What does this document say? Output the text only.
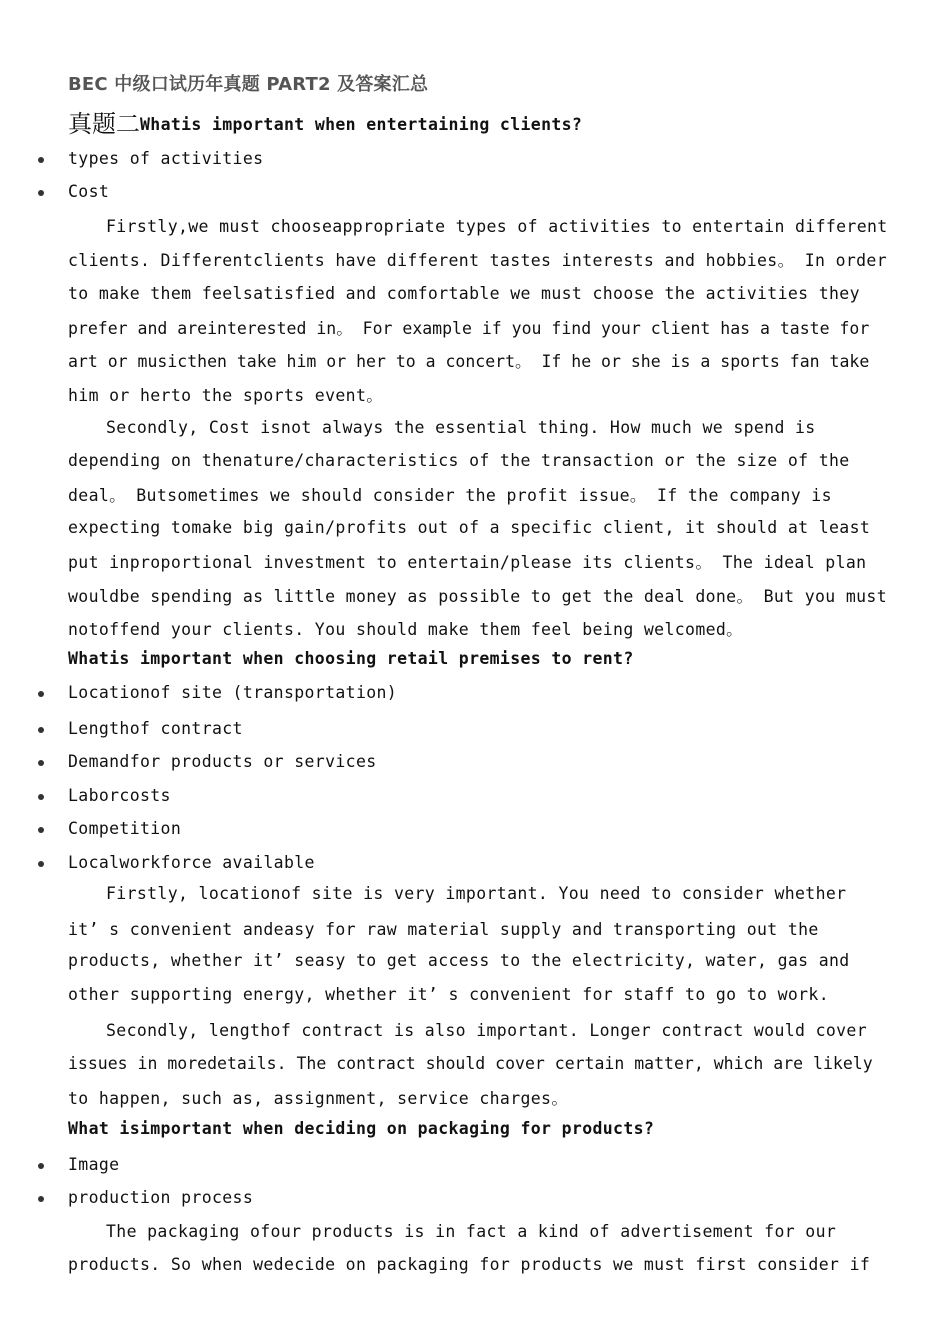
BEC 中级口试历年真题 PART2 及答案汇总
真题二Whatis important when entertaining clients?
types of activities
Cost
Firstly,we must chooseappropriate types of activities to entertain different
clients. Differentclients have different tastes interests and hobbies。 In order
to make them feelsatisfied and comfortable we must choose the activities they
prefer and areinterested in。 For example if you find your client has a taste for
art or musicthen take him or her to a concert。 If he or she is a sports fan take
him or herto the sports event。
Secondly, Cost isnot always the essential thing. How much we spend is
depending on thenature/characteristics of the transaction or the size of the
deal。 Butsometimes we should consider the profit issue。 If the company is
expecting tomake big gain/profits out of a specific client, it should at least
put inproportional investment to entertain/please its clients。 The ideal plan
wouldbe spending as little money as possible to get the deal done。 But you must
notoffend your clients. You should make them feel being welcomed。
Whatis important when choosing retail premises to rent?
Locationof site (transportation)
Lengthof contract
Demandfor products or services
Laborcosts
Competition
Localworkforce available
Firstly, locationof site is very important. You need to consider whether
it’ s convenient andeasy for raw material supply and transporting out the
products, whether it’ seasy to get access to the electricity, water, gas and
other supporting energy, whether it’ s convenient for staff to go to work.
Secondly, lengthof contract is also important. Longer contract would cover
issues in moredetails. The contract should cover certain matter, which are likely
to happen, such as, assignment, service charges。
What isimportant when deciding on packaging for products?
Image
production process
The packaging ofour products is in fact a kind of advertisement for our
products. So when wedecide on packaging for products we must first consider if
